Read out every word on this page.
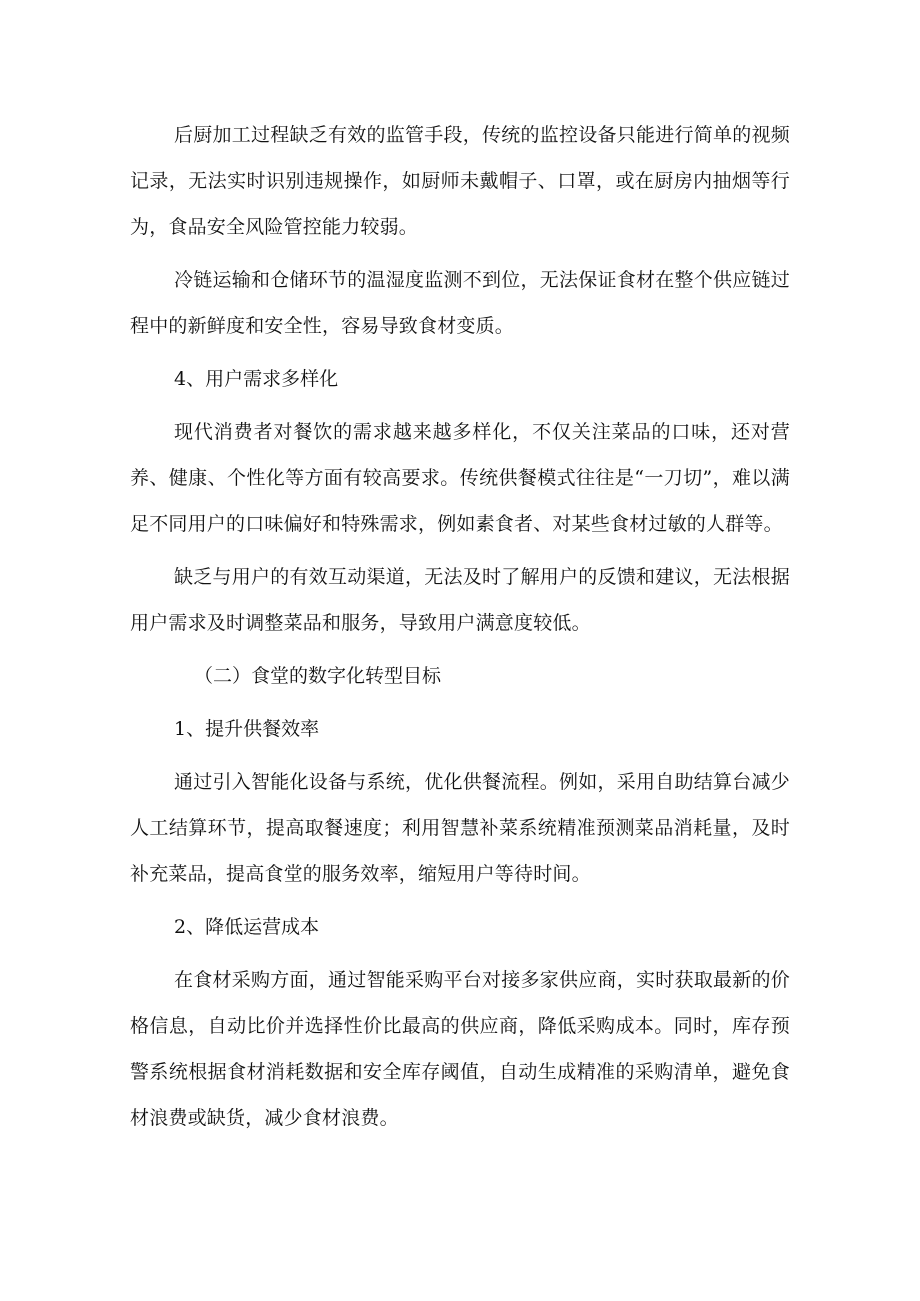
后厨加工过程缺乏有效的监管手段，传统的监控设备只能进行简单的视频记录，无法实时识别违规操作，如厨师未戴帽子、口罩，或在厨房内抽烟等行为，食品安全风险管控能力较弱。

冷链运输和仓储环节的温湿度监测不到位，无法保证食材在整个供应链过程中的新鲜度和安全性，容易导致食材变质。

4、用户需求多样化

现代消费者对餐饮的需求越来越多样化，不仅关注菜品的口味，还对营养、健康、个性化等方面有较高要求。传统供餐模式往往是“一刀切”，难以满足不同用户的口味偏好和特殊需求，例如素食者、对某些食材过敏的人群等。

缺乏与用户的有效互动渠道，无法及时了解用户的反馈和建议，无法根据用户需求及时调整菜品和服务，导致用户满意度较低。

（二）食堂的数字化转型目标

1、提升供餐效率

通过引入智能化设备与系统，优化供餐流程。例如，采用自助结算台减少人工结算环节，提高取餐速度；利用智慧补菜系统精准预测菜品消耗量，及时补充菜品，提高食堂的服务效率，缩短用户等待时间。

2、降低运营成本

在食材采购方面，通过智能采购平台对接多家供应商，实时获取最新的价格信息，自动比价并选择性价比最高的供应商，降低采购成本。同时，库存预警系统根据食材消耗数据和安全库存阈值，自动生成精准的采购清单，避免食材浪费或缺货，减少食材浪费。
